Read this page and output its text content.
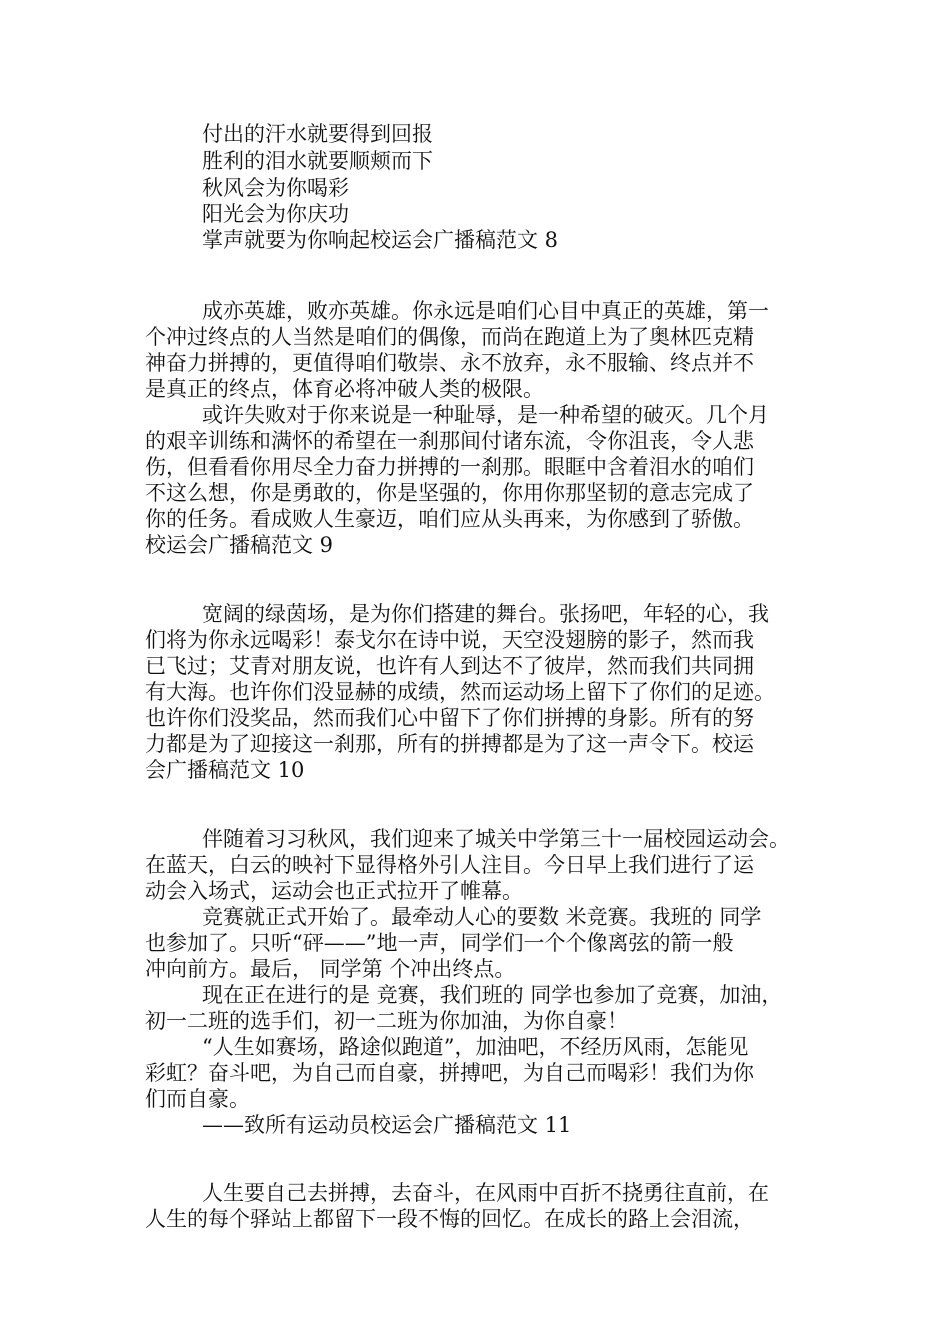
付出的汗水就要得到回报
胜利的泪水就要顺颊而下
秋风会为你喝彩
阳光会为你庆功
掌声就要为你响起校运会广播稿范文 8
成亦英雄，败亦英雄。你永远是咱们心目中真正的英雄，第一
个冲过终点的人当然是咱们的偶像，而尚在跑道上为了奥林匹克精
神奋力拼搏的，更值得咱们敬崇、永不放弃，永不服输、终点并不
是真正的终点，体育必将冲破人类的极限。
或许失败对于你来说是一种耻辱，是一种希望的破灭。几个月
的艰辛训练和满怀的希望在一刹那间付诸东流，令你沮丧，令人悲
伤，但看看你用尽全力奋力拼搏的一刹那。眼眶中含着泪水的咱们
不这么想，你是勇敢的，你是坚强的，你用你那坚韧的意志完成了
你的任务。看成败人生豪迈，咱们应从头再来，为你感到了骄傲。
校运会广播稿范文 9
宽阔的绿茵场，是为你们搭建的舞台。张扬吧，年轻的心，我
们将为你永远喝彩！泰戈尔在诗中说，天空没翅膀的影子，然而我
已飞过；艾青对朋友说，也许有人到达不了彼岸，然而我们共同拥
有大海。也许你们没显赫的成绩，然而运动场上留下了你们的足迹。
也许你们没奖品，然而我们心中留下了你们拼搏的身影。所有的努
力都是为了迎接这一刹那，所有的拼搏都是为了这一声令下。校运
会广播稿范文 10
伴随着习习秋风，我们迎来了城关中学第三十一届校园运动会。
在蓝天，白云的映衬下显得格外引人注目。今日早上我们进行了运
动会入场式，运动会也正式拉开了帷幕。
竞赛就正式开始了。最牵动人心的要数 米竞赛。我班的 同学
也参加了。只听“砰——”地一声，同学们一个个像离弦的箭一般
冲向前方。最后， 同学第 个冲出终点。
现在正在进行的是 竞赛，我们班的 同学也参加了竞赛，加油，
初一二班的选手们，初一二班为你加油，为你自豪！
“人生如赛场，路途似跑道”，加油吧，不经历风雨，怎能见
彩虹？奋斗吧，为自己而自豪，拼搏吧，为自己而喝彩！我们为你
们而自豪。
——致所有运动员校运会广播稿范文 11
人生要自己去拼搏，去奋斗，在风雨中百折不挠勇往直前，在
人生的每个驿站上都留下一段不悔的回忆。在成长的路上会泪流，
